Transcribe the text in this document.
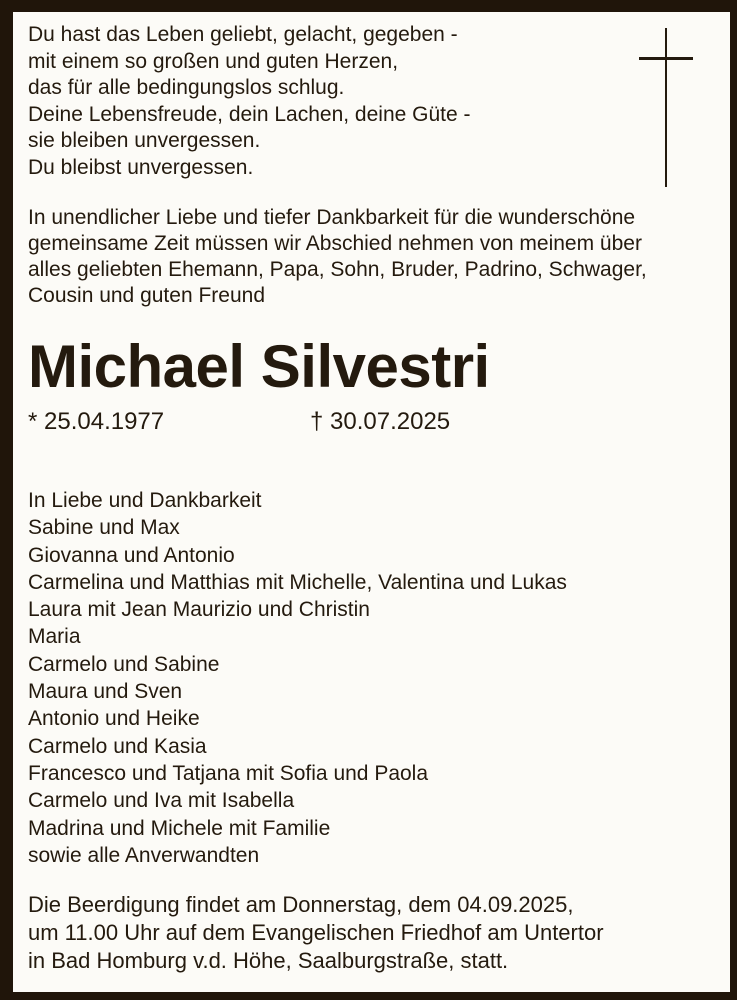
Du hast das Leben geliebt, gelacht, gegeben -
mit einem so großen und guten Herzen,
das für alle bedingungslos schlug.
Deine Lebensfreude, dein Lachen, deine Güte -
sie bleiben unvergessen.
Du bleibst unvergessen.
In unendlicher Liebe und tiefer Dankbarkeit für die wunderschöne
gemeinsame Zeit müssen wir Abschied nehmen von meinem über
alles geliebten Ehemann, Papa, Sohn, Bruder, Padrino, Schwager,
Cousin und guten Freund
Michael Silvestri
* 25.04.1977	† 30.07.2025
In Liebe und Dankbarkeit
Sabine und Max
Giovanna und Antonio
Carmelina und Matthias mit Michelle, Valentina und Lukas
Laura mit Jean Maurizio und Christin
Maria
Carmelo und Sabine
Maura und Sven
Antonio und Heike
Carmelo und Kasia
Francesco und Tatjana mit Sofia und Paola
Carmelo und Iva mit Isabella
Madrina und Michele mit Familie
sowie alle Anverwandten
Die Beerdigung findet am Donnerstag, dem 04.09.2025,
um 11.00 Uhr auf dem Evangelischen Friedhof am Untertor
in Bad Homburg v.d. Höhe, Saalburgstraße, statt.
